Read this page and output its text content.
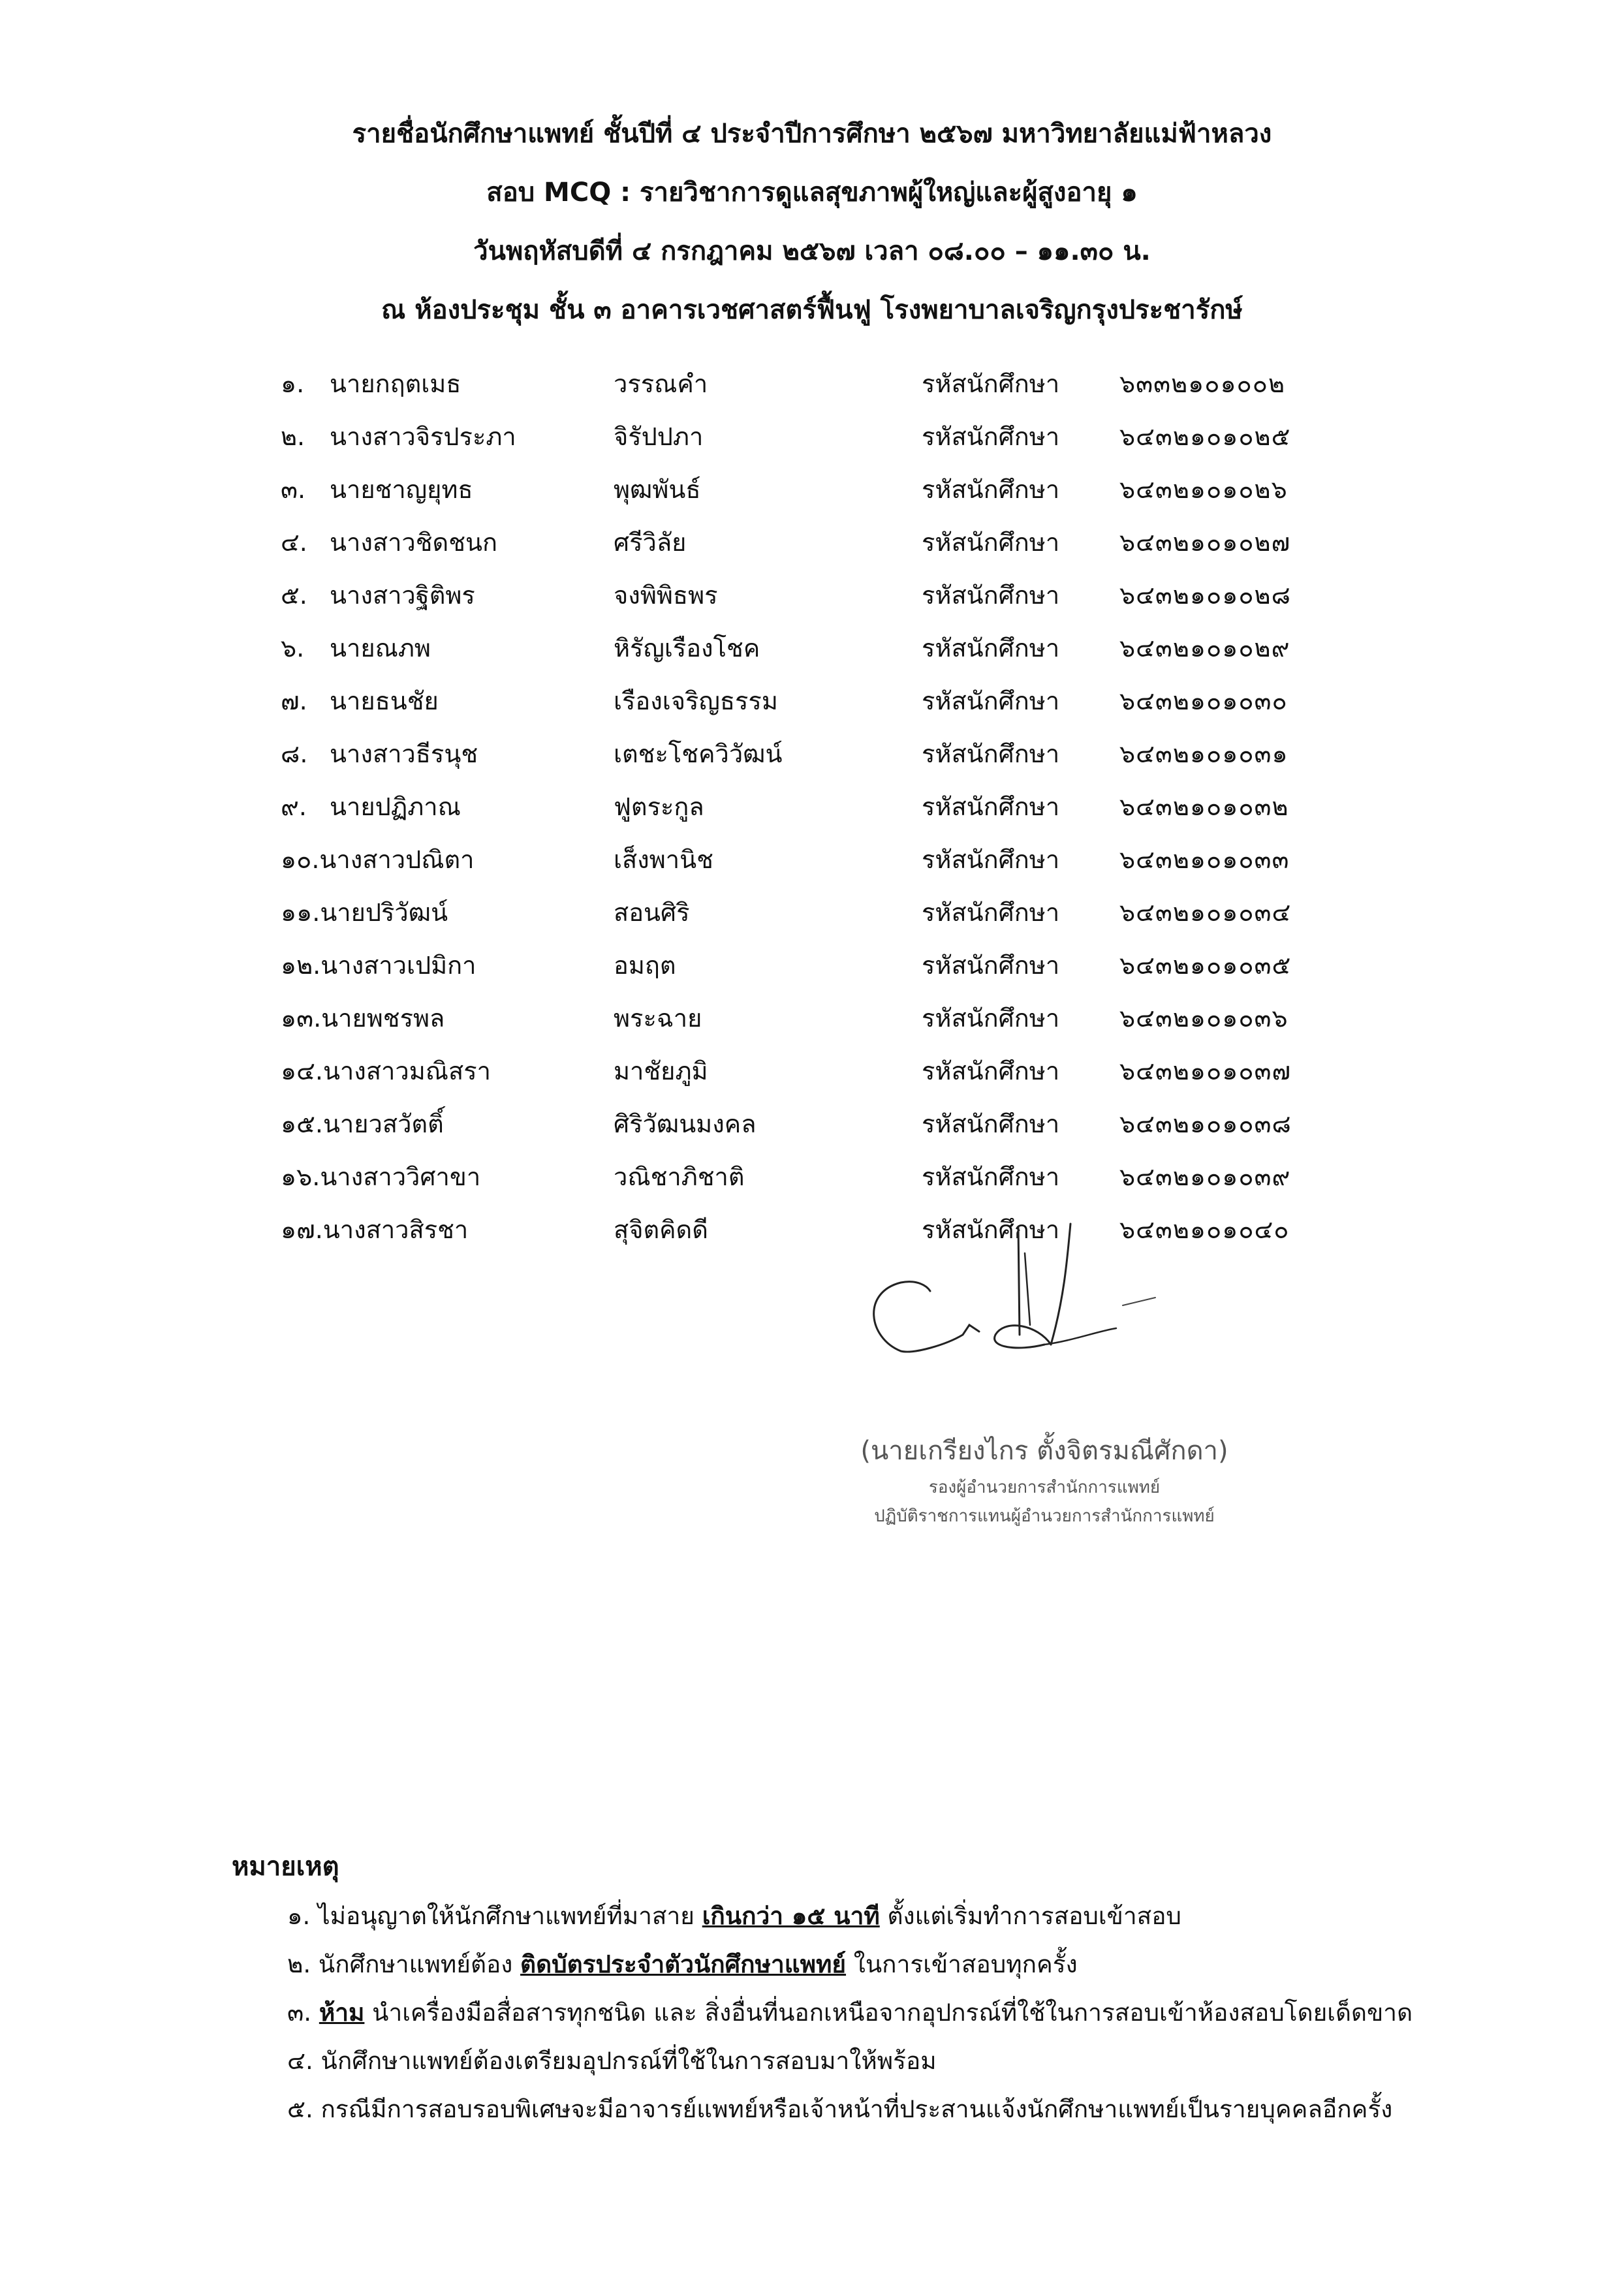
รายชื่อนักศึกษาแพทย์ ชั้นปีที่ ๔ ประจำปีการศึกษา ๒๕๖๗ มหาวิทยาลัยแม่ฟ้าหลวง
สอบ MCQ : รายวิชาการดูแลสุขภาพผู้ใหญ่และผู้สูงอายุ ๑
วันพฤหัสบดีที่ ๔ กรกฎาคม ๒๕๖๗ เวลา ๐๘.๐๐ – ๑๑.๓๐ น.
ณ ห้องประชุม ชั้น ๓ อาคารเวชศาสตร์ฟื้นฟู โรงพยาบาลเจริญกรุงประชารักษ์
๑. นายกฤตเมธ	วรรณคำ	รหัสนักศึกษา ๖๓๓๒๑๐๑๐๐๒
๒. นางสาวจิรประภา	จิรัปปภา	รหัสนักศึกษา ๖๔๓๒๑๐๑๐๒๕
๓. นายชาญยุทธ	พุฒพันธ์	รหัสนักศึกษา ๖๔๓๒๑๐๑๐๒๖
๔. นางสาวชิดชนก	ศรีวิลัย	รหัสนักศึกษา ๖๔๓๒๑๐๑๐๒๗
๕. นางสาวฐิติพร	จงพิพิธพร	รหัสนักศึกษา ๖๔๓๒๑๐๑๐๒๘
๖. นายณภพ	หิรัญเรืองโชค	รหัสนักศึกษา ๖๔๓๒๑๐๑๐๒๙
๗. นายธนชัย	เรืองเจริญธรรม	รหัสนักศึกษา ๖๔๓๒๑๐๑๐๓๐
๘. นางสาวธีรนุช	เตชะโชควิวัฒน์	รหัสนักศึกษา ๖๔๓๒๑๐๑๐๓๑
๙. นายปฏิภาณ	ฟูตระกูล	รหัสนักศึกษา ๖๔๓๒๑๐๑๐๓๒
๑๐.นางสาวปณิตา	เส็งพานิช	รหัสนักศึกษา ๖๔๓๒๑๐๑๐๓๓
๑๑.นายปริวัฒน์	สอนศิริ	รหัสนักศึกษา ๖๔๓๒๑๐๑๐๓๔
๑๒.นางสาวเปมิกา	อมฤต	รหัสนักศึกษา ๖๔๓๒๑๐๑๐๓๕
๑๓.นายพชรพล	พระฉาย	รหัสนักศึกษา ๖๔๓๒๑๐๑๐๓๖
๑๔.นางสาวมณิสรา	มาชัยภูมิ	รหัสนักศึกษา ๖๔๓๒๑๐๑๐๓๗
๑๕.นายวสวัตติ์	ศิริวัฒนมงคล	รหัสนักศึกษา ๖๔๓๒๑๐๑๐๓๘
๑๖.นางสาววิศาขา	วณิชาภิชาติ	รหัสนักศึกษา ๖๔๓๒๑๐๑๐๓๙
๑๗.นางสาวสิรชา	สุจิตคิดดี	รหัสนักศึกษา ๖๔๓๒๑๐๑๐๔๐
(นายเกรียงไกร ตั้งจิตรมณีศักดา)
รองผู้อำนวยการสำนักการแพทย์
ปฏิบัติราชการแทนผู้อำนวยการสำนักการแพทย์
หมายเหตุ
๑. ไม่อนุญาตให้นักศึกษาแพทย์ที่มาสาย เกินกว่า ๑๕ นาที ตั้งแต่เริ่มทำการสอบเข้าสอบ
๒. นักศึกษาแพทย์ต้อง ติดบัตรประจำตัวนักศึกษาแพทย์ ในการเข้าสอบทุกครั้ง
๓. ห้าม นำเครื่องมือสื่อสารทุกชนิด และ สิ่งอื่นที่นอกเหนือจากอุปกรณ์ที่ใช้ในการสอบเข้าห้องสอบโดยเด็ดขาด
๔. นักศึกษาแพทย์ต้องเตรียมอุปกรณ์ที่ใช้ในการสอบมาให้พร้อม
๕. กรณีมีการสอบรอบพิเศษจะมีอาจารย์แพทย์หรือเจ้าหน้าที่ประสานแจ้งนักศึกษาแพทย์เป็นรายบุคคลอีกครั้ง
